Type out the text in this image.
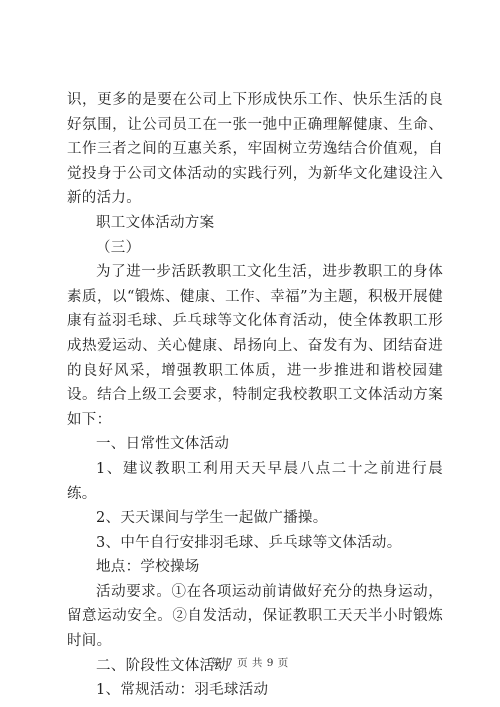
识，更多的是要在公司上下形成快乐工作、快乐生活的良好氛围，让公司员工在一张一弛中正确理解健康、生命、工作三者之间的互惠关系，牢固树立劳逸结合价值观，自觉投身于公司文体活动的实践行列，为新华文化建设注入新的活力。

职工文体活动方案

（三）

为了进一步活跃教职工文化生活，进步教职工的身体素质，以“锻炼、健康、工作、幸福”为主题，积极开展健康有益羽毛球、乒乓球等文化体育活动，使全体教职工形成热爱运动、关心健康、昂扬向上、奋发有为、团结奋进的良好风采，增强教职工体质，进一步推进和谐校园建设。结合上级工会要求，特制定我校教职工文体活动方案如下：

一、日常性文体活动

1、建议教职工利用天天早晨八点二十之前进行晨练。

2、天天课间与学生一起做广播操。

3、中午自行安排羽毛球、乒乓球等文体活动。

地点：学校操场

活动要求。①在各项运动前请做好充分的热身运动，留意运动安全。②自发活动，保证教职工天天半小时锻炼时间。

二、阶段性文体活动

1、常规活动：羽毛球活动

第 7 页 共 9 页
